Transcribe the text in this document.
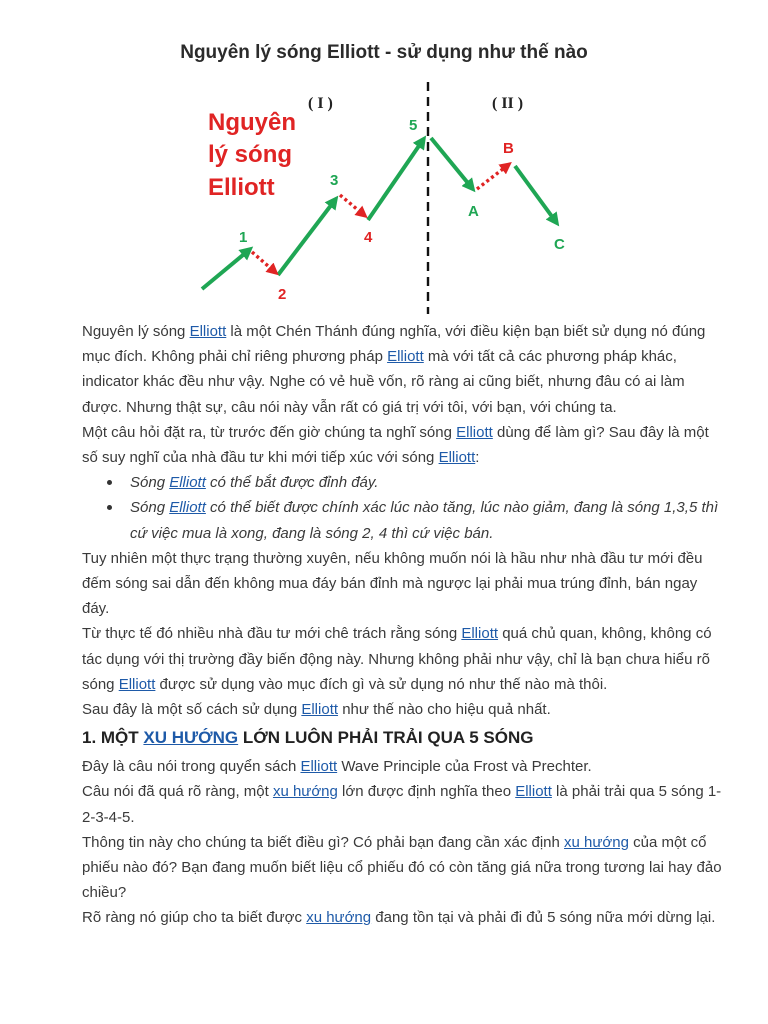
Nguyên lý sóng Elliott - sử dụng như thế nào
Nguyên
lý sóng
Elliott
( I )	( II )
1
2
3
4
5
A
B
C

Nguyên lý sóng Elliott là một Chén Thánh đúng nghĩa, với điều kiện bạn biết sử dụng nó đúng mục đích. Không phải chỉ riêng phương pháp Elliott mà với tất cả các phương pháp khác, indicator khác đều như vậy. Nghe có vẻ huề vốn, rõ ràng ai cũng biết, nhưng đâu có ai làm được. Nhưng thật sự, câu nói này vẫn rất có giá trị với tôi, với bạn, với chúng ta.

Một câu hỏi đặt ra, từ trước đến giờ chúng ta nghĩ sóng Elliott dùng để làm gì? Sau đây là một số suy nghĩ của nhà đầu tư khi mới tiếp xúc với sóng Elliott:

Sóng Elliott có thể bắt được đỉnh đáy.
Sóng Elliott có thể biết được chính xác lúc nào tăng, lúc nào giảm, đang là sóng 1,3,5 thì cứ việc mua là xong, đang là sóng 2, 4 thì cứ việc bán.

Tuy nhiên một thực trạng thường xuyên, nếu không muốn nói là hầu như nhà đầu tư mới đều đếm sóng sai dẫn đến không mua đáy bán đỉnh mà ngược lại phải mua trúng đỉnh, bán ngay đáy.

Từ thực tế đó nhiều nhà đầu tư mới chê trách rằng sóng Elliott quá chủ quan, không, không có tác dụng với thị trường đầy biến động này. Nhưng không phải như vậy, chỉ là bạn chưa hiểu rõ sóng Elliott được sử dụng vào mục đích gì và sử dụng nó như thế nào mà thôi.

Sau đây là một số cách sử dụng Elliott như thế nào cho hiệu quả nhất.

1. MỘT XU HƯỚNG LỚN LUÔN PHẢI TRẢI QUA 5 SÓNG

Đây là câu nói trong quyển sách Elliott Wave Principle của Frost và Prechter.

Câu nói đã quá rõ ràng, một xu hướng lớn được định nghĩa theo Elliott là phải trải qua 5 sóng 1-2-3-4-5.

Thông tin này cho chúng ta biết điều gì? Có phải bạn đang cần xác định xu hướng của một cổ phiếu nào đó? Bạn đang muốn biết liệu cổ phiếu đó có còn tăng giá nữa trong tương lai hay đảo chiều?

Rõ ràng nó giúp cho ta biết được xu hướng đang tồn tại và phải đi đủ 5 sóng nữa mới dừng lại.
